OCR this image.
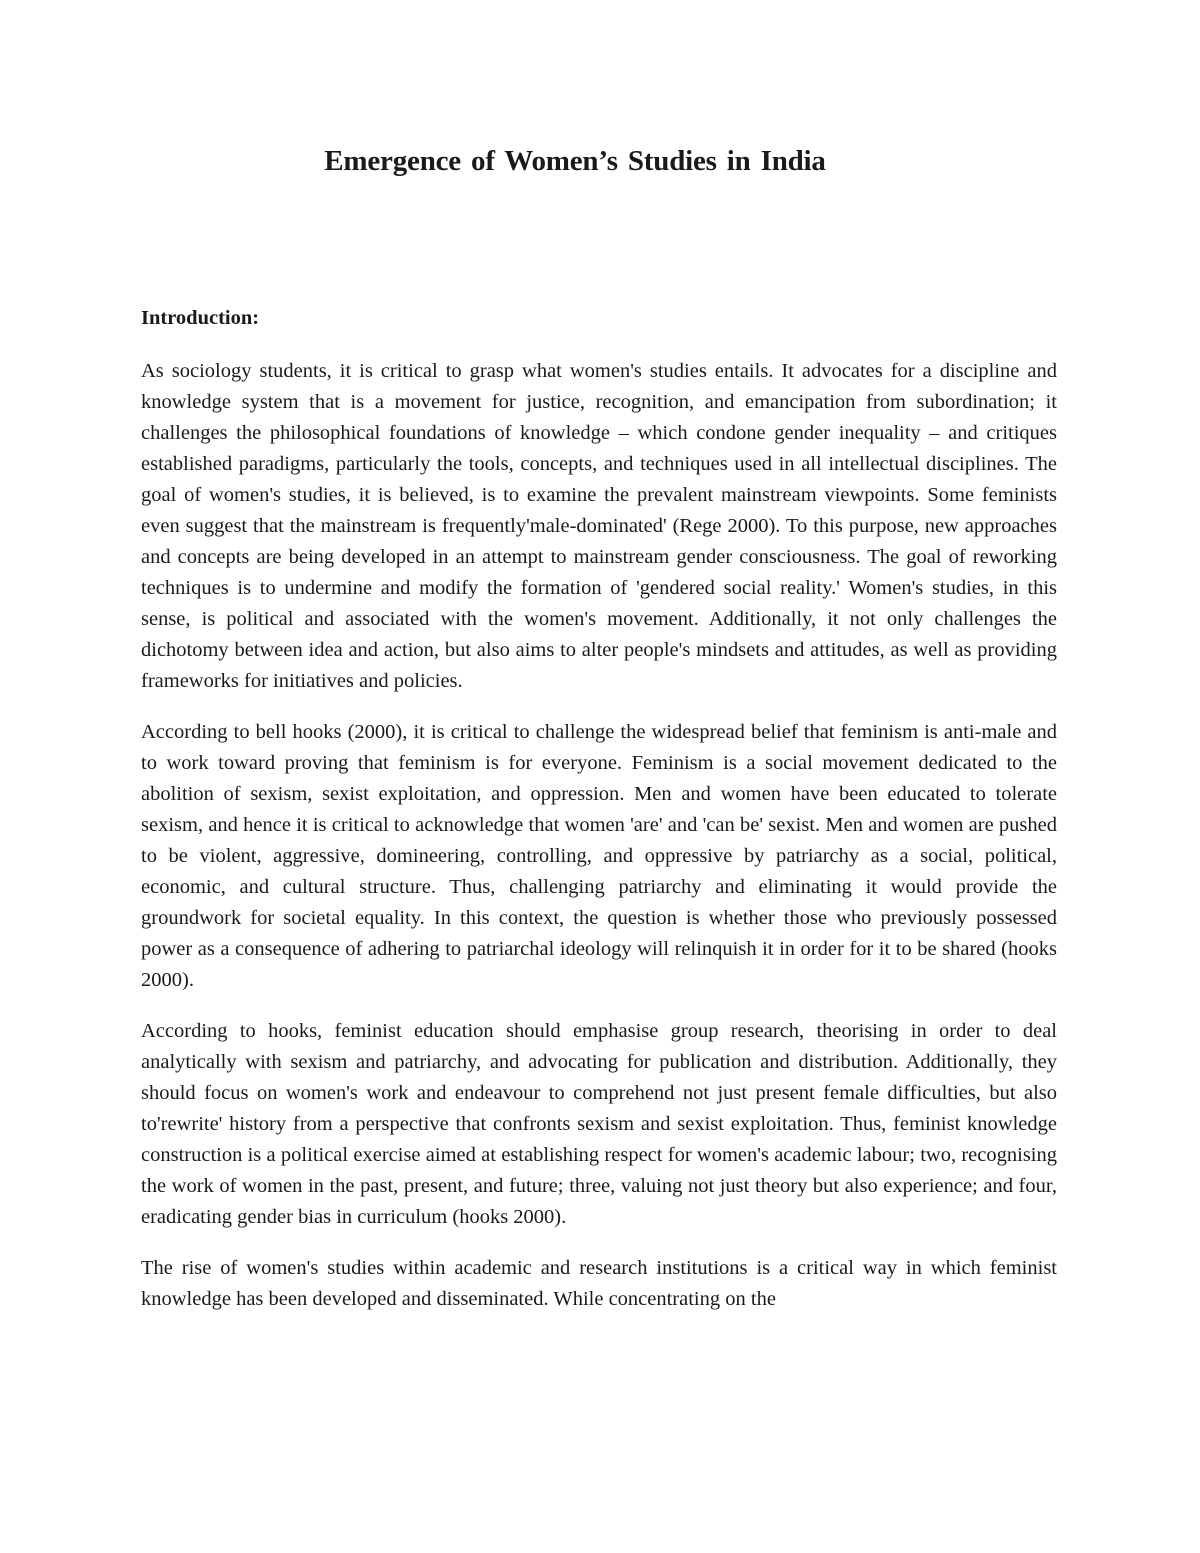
Emergence of Women’s Studies in India

Introduction:

As sociology students, it is critical to grasp what women's studies entails. It advocates for a discipline and knowledge system that is a movement for justice, recognition, and emancipation from subordination; it challenges the philosophical foundations of knowledge – which condone gender inequality – and critiques established paradigms, particularly the tools, concepts, and techniques used in all intellectual disciplines. The goal of women's studies, it is believed, is to examine the prevalent mainstream viewpoints. Some feminists even suggest that the mainstream is frequently'male-dominated' (Rege 2000). To this purpose, new approaches and concepts are being developed in an attempt to mainstream gender consciousness. The goal of reworking techniques is to undermine and modify the formation of 'gendered social reality.' Women's studies, in this sense, is political and associated with the women's movement. Additionally, it not only challenges the dichotomy between idea and action, but also aims to alter people's mindsets and attitudes, as well as providing frameworks for initiatives and policies.

According to bell hooks (2000), it is critical to challenge the widespread belief that feminism is anti-male and to work toward proving that feminism is for everyone. Feminism is a social movement dedicated to the abolition of sexism, sexist exploitation, and oppression. Men and women have been educated to tolerate sexism, and hence it is critical to acknowledge that women 'are' and 'can be' sexist. Men and women are pushed to be violent, aggressive, domineering, controlling, and oppressive by patriarchy as a social, political, economic, and cultural structure. Thus, challenging patriarchy and eliminating it would provide the groundwork for societal equality. In this context, the question is whether those who previously possessed power as a consequence of adhering to patriarchal ideology will relinquish it in order for it to be shared (hooks 2000).

According to hooks, feminist education should emphasise group research, theorising in order to deal analytically with sexism and patriarchy, and advocating for publication and distribution. Additionally, they should focus on women's work and endeavour to comprehend not just present female difficulties, but also to'rewrite' history from a perspective that confronts sexism and sexist exploitation. Thus, feminist knowledge construction is a political exercise aimed at establishing respect for women's academic labour; two, recognising the work of women in the past, present, and future; three, valuing not just theory but also experience; and four, eradicating gender bias in curriculum (hooks 2000).

The rise of women's studies within academic and research institutions is a critical way in which feminist knowledge has been developed and disseminated. While concentrating on the
